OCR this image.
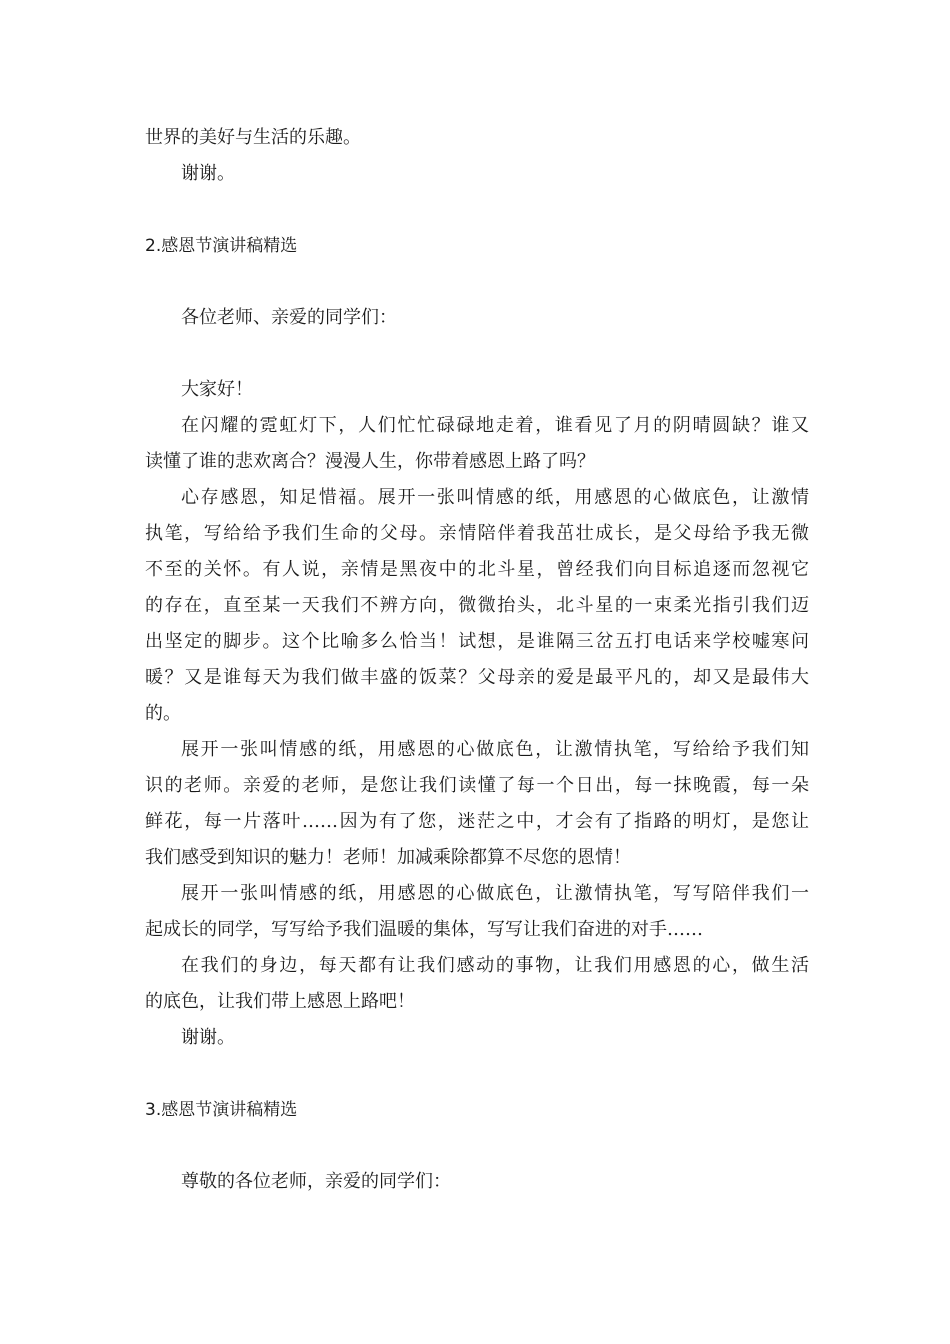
世界的美好与生活的乐趣。
谢谢。
2.感恩节演讲稿精选
各位老师、亲爱的同学们：
大家好！
在闪耀的霓虹灯下，人们忙忙碌碌地走着，谁看见了月的阴晴圆缺？谁又
读懂了谁的悲欢离合？漫漫人生，你带着感恩上路了吗？
心存感恩，知足惜福。展开一张叫情感的纸，用感恩的心做底色，让激情
执笔，写给给予我们生命的父母。亲情陪伴着我茁壮成长，是父母给予我无微
不至的关怀。有人说，亲情是黑夜中的北斗星，曾经我们向目标追逐而忽视它
的存在，直至某一天我们不辨方向，微微抬头，北斗星的一束柔光指引我们迈
出坚定的脚步。这个比喻多么恰当！试想，是谁隔三岔五打电话来学校嘘寒问
暖？又是谁每天为我们做丰盛的饭菜？父母亲的爱是最平凡的，却又是最伟大
的。
展开一张叫情感的纸，用感恩的心做底色，让激情执笔，写给给予我们知
识的老师。亲爱的老师，是您让我们读懂了每一个日出，每一抹晚霞，每一朵
鲜花，每一片落叶……因为有了您，迷茫之中，才会有了指路的明灯，是您让
我们感受到知识的魅力！老师！加减乘除都算不尽您的恩情！
展开一张叫情感的纸，用感恩的心做底色，让激情执笔，写写陪伴我们一
起成长的同学，写写给予我们温暖的集体，写写让我们奋进的对手……
在我们的身边，每天都有让我们感动的事物，让我们用感恩的心，做生活
的底色，让我们带上感恩上路吧！
谢谢。
3.感恩节演讲稿精选
尊敬的各位老师，亲爱的同学们：
